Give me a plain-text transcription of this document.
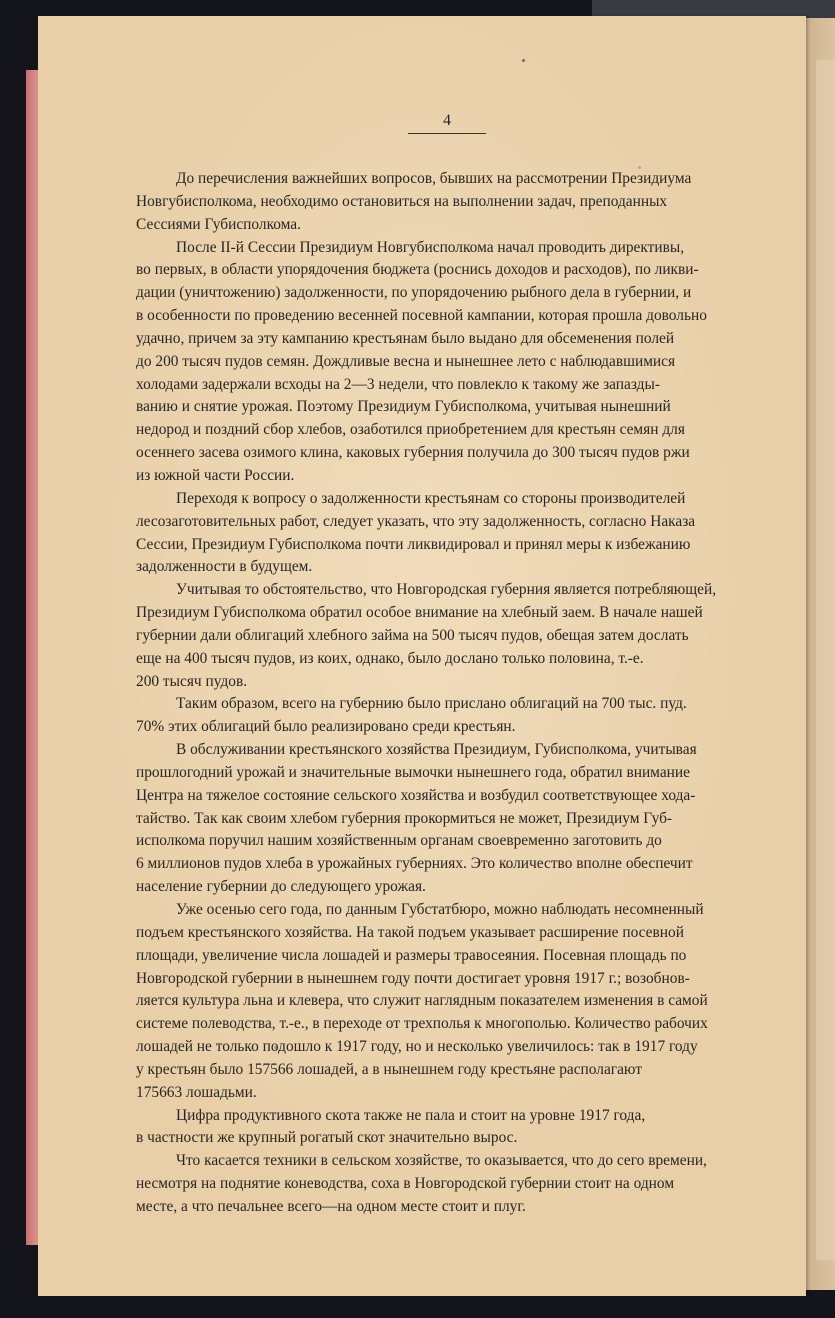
4

До перечисления важнейших вопросов, бывших на рассмотрении Президиума
Новгубисполкома, необходимо остановиться на выполнении задач, преподанных
Сессиями Губисполкома.

После II-й Сессии Президиум Новгубисполкома начал проводить директивы,
во первых, в области упорядочения бюджета (роснись доходов и расходов), по ликви-
дации (уничтожению) задолженности, по упорядочению рыбного дела в губернии, и
в особенности по проведению весенней посевной кампании, которая прошла довольно
удачно, причем за эту кампанию крестьянам было выдано для обсеменения полей
до 200 тысяч пудов семян. Дождливые весна и нынешнее лето с наблюдавшимися
холодами задержали всходы на 2—3 недели, что повлекло к такому же запазды-
ванию и снятие урожая. Поэтому Президиум Губисполкома, учитывая нынешний
недород и поздний сбор хлебов, озаботился приобретением для крестьян семян для
осеннего засева озимого клина, каковых губерния получила до 300 тысяч пудов ржи
из южной части России.

Переходя к вопросу о задолженности крестьянам со стороны производителей
лесозаготовительных работ, следует указать, что эту задолженность, согласно Наказа
Сессии, Президиум Губисполкома почти ликвидировал и принял меры к избежанию
задолженности в будущем.

Учитывая то обстоятельство, что Новгородская губерния является потребляющей,
Президиум Губисполкома обратил особое внимание на хлебный заем. В начале нашей
губернии дали облигаций хлебного займа на 500 тысяч пудов, обещая затем дослать
еще на 400 тысяч пудов, из коих, однако, было дослано только половина, т.-е.
200 тысяч пудов.

Таким образом, всего на губернию было прислано облигаций на 700 тыс. пуд.
70% этих облигаций было реализировано среди крестьян.

В обслуживании крестьянского хозяйства Президиум, Губисполкома, учитывая
прошлогодний урожай и значительные вымочки нынешнего года, обратил внимание
Центра на тяжелое состояние сельского хозяйства и возбудил соответствующее хода-
тайство. Так как своим хлебом губерния прокормиться не может, Президиум Губ-
исполкома поручил нашим хозяйственным органам своевременно заготовить до
6 миллионов пудов хлеба в урожайных губерниях. Это количество вполне обеспечит
население губернии до следующего урожая.

Уже осенью сего года, по данным Губстатбюро, можно наблюдать несомненный
подъем крестьянского хозяйства. На такой подъем указывает расширение посевной
площади, увеличение числа лошадей и размеры травосеяния. Посевная площадь по
Новгородской губернии в нынешнем году почти достигает уровня 1917 г.; возобнов-
ляется культура льна и клевера, что служит наглядным показателем изменения в самой
системе полеводства, т.-е., в переходе от трехполья к многополью. Количество рабочих
лошадей не только подошло к 1917 году, но и несколько увеличилось: так в 1917 году
у крестьян было 157566 лошадей, а в нынешнем году крестьяне располагают
175663 лошадьми.

Цифра продуктивного скота также не пала и стоит на уровне 1917 года,
в частности же крупный рогатый скот значительно вырос.

Что касается техники в сельском хозяйстве, то оказывается, что до сего времени,
несмотря на поднятие коневодства, соха в Новгородской губернии стоит на одном
месте, а что печальнее всего—на одном месте стоит и плуг.
